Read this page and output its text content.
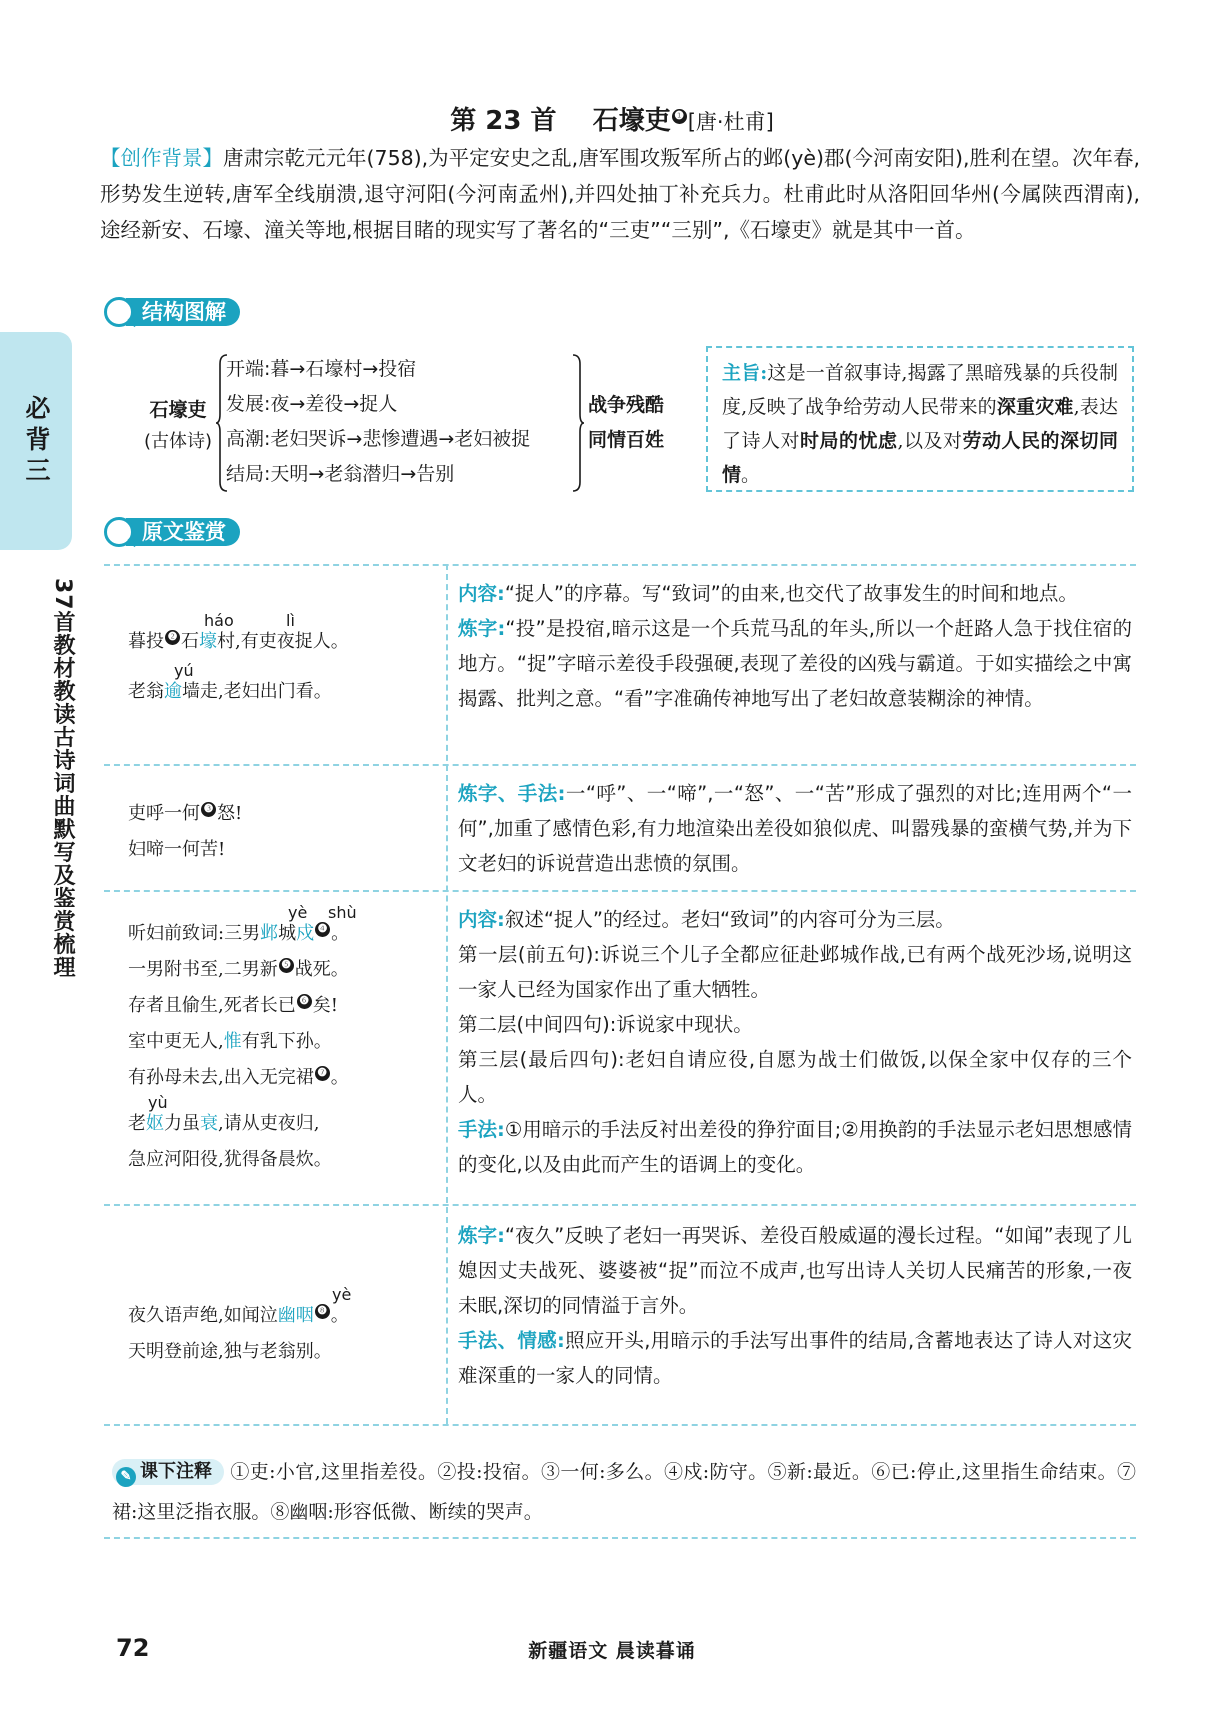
必背三
37首教材教读古诗词曲默写及鉴赏梳理
第 23 首 石壕吏 $^❶$ [唐·杜甫]
【创作背景】唐肃宗乾元元年(758),为平定安史之乱,唐军围攻叛军所占的邺(yè)郡(今河南安阳),胜利在望。次年春,形势发生逆转,唐军全线崩溃,退守河阳(今河南孟州),并四处抽丁补充兵力。杜甫此时从洛阳回华州(今属陕西渭南),途经新安、石壕、潼关等地,根据目睹的现实写了著名的“三吏”“三别”,《石壕吏》就是其中一首。
结构图解
石壕吏
(古体诗)
开端:暮→石壕村→投宿
发展:夜→差役→捉人
高潮:老妇哭诉→悲惨遭遇→老妇被捉
结局:天明→老翁潜归→告别
战争残酷
同情百姓
主旨:这是一首叙事诗,揭露了黑暗残暴的兵役制度,反映了战争给劳动人民带来的深重灾难,表达了诗人对时局的忧虑,以及对劳动人民的深切同情。
原文鉴赏
暮投 $^❷$ 石壕村,有吏夜捉人。
háo	lì
老翁逾墙走,老妇出门看。
yú
内容:“捉人”的序幕。写“致词”的由来,也交代了故事发生的时间和地点。
炼字:“投”是投宿,暗示这是一个兵荒马乱的年头,所以一个赶路人急于找住宿的地方。“捉”字暗示差役手段强硬,表现了差役的凶残与霸道。于如实描绘之中寓揭露、批判之意。“看”字准确传神地写出了老妇故意装糊涂的神情。
吏呼一何 $^❸$ 怒!
妇啼一何苦!
炼字、手法:一“呼”、一“啼”,一“怒”、一“苦”形成了强烈的对比;连用两个“一何”,加重了感情色彩,有力地渲染出差役如狼似虎、叫嚣残暴的蛮横气势,并为下文老妇的诉说营造出悲愤的氛围。
听妇前致词:三男邺城戍 $^❹$ 。
yè shù
一男附书至,二男新 $^❺$ 战死。
存者且偷生,死者长已 $^❻$ 矣!
室中更无人,惟有乳下孙。
有孙母未去,出入无完裙 $^❼$ 。
老妪力虽衰,请从吏夜归,
yù
急应河阳役,犹得备晨炊。
内容:叙述“捉人”的经过。老妇“致词”的内容可分为三层。
第一层(前五句):诉说三个儿子全都应征赴邺城作战,已有两个战死沙场,说明这一家人已经为国家作出了重大牺牲。
第二层(中间四句):诉说家中现状。
第三层(最后四句):老妇自请应役,自愿为战士们做饭,以保全家中仅存的三个人。
手法:①用暗示的手法反衬出差役的狰狞面目;②用换韵的手法显示老妇思想感情的变化,以及由此而产生的语调上的变化。
夜久语声绝,如闻泣幽咽 $^❽$ 。
yè
天明登前途,独与老翁别。
炼字:“夜久”反映了老妇一再哭诉、差役百般威逼的漫长过程。“如闻”表现了儿媳因丈夫战死、婆婆被“捉”而泣不成声,也写出诗人关切人民痛苦的形象,一夜未眠,深切的同情溢于言外。
手法、情感:照应开头,用暗示的手法写出事件的结局,含蓄地表达了诗人对这灾难深重的一家人的同情。
✎ 课下注释 ①吏:小官,这里指差役。②投:投宿。③一何:多么。④戍:防守。⑤新:最近。⑥已:停止,这里指生命结束。⑦裙:这里泛指衣服。⑧幽咽:形容低微、断续的哭声。
72	新疆语文 晨读暮诵
